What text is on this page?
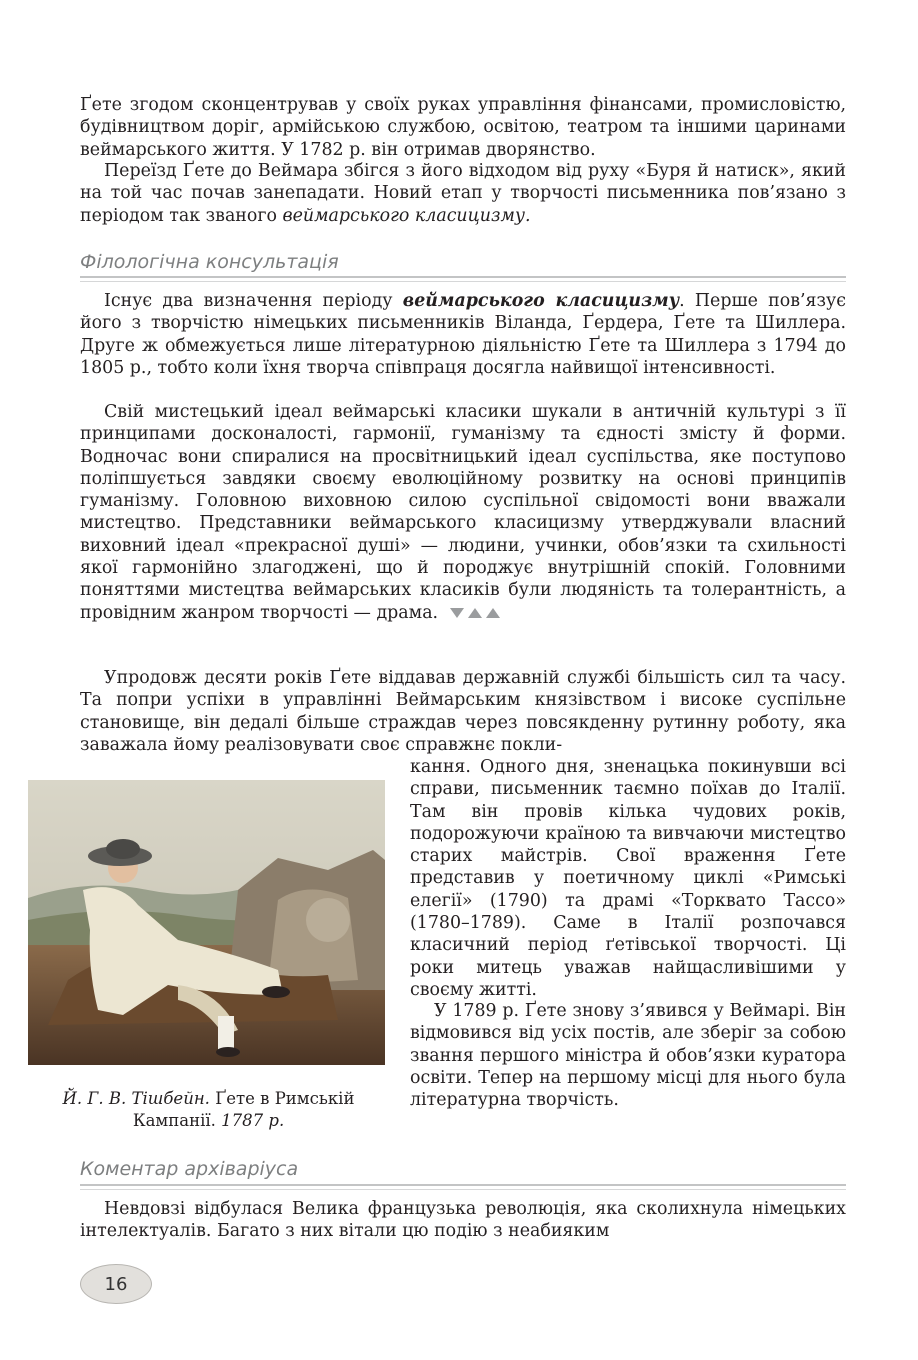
Ґете згодом сконцентрував у своїх руках управління фінансами, промисловістю, будівництвом доріг, армійською службою, освітою, театром та іншими царинами веймарського життя. У 1782 р. він отримав дворянство.

Переїзд Ґете до Веймара збігся з його відходом від руху «Буря й натиск», який на той час почав занепадати. Новий етап у творчості письменника пов’язано з періодом так званого веймарського класицизму.

Філологічна консультація

Існує два визначення періоду веймарського класицизму. Перше пов’язує його з творчістю німецьких письменників Віланда, Ґердера, Ґете та Шиллера. Друге ж обмежується лише літературною діяльністю Ґете та Шиллера з 1794 до 1805 р., тобто коли їхня творча співпраця досягла найвищої інтенсивності.

Свій мистецький ідеал веймарські класики шукали в античній культурі з її принципами досконалості, гармонії, гуманізму та єдності змісту й форми. Водночас вони спиралися на просвітницький ідеал суспільства, яке поступово поліпшується завдяки своєму еволюційному розвитку на основі принципів гуманізму. Головною виховною силою суспільної свідомості вони вважали мистецтво. Представники веймарського класицизму утверджували власний виховний ідеал «прекрасної душі» — людини, учинки, обов’язки та схильності якої гармонійно злагоджені, що й породжує внутрішній спокій. Головними поняттями мистецтва веймарських класиків були людяність та толерантність, а провідним жанром творчості — драма.

Упродовж десяти років Ґете віддавав державній службі більшість сил та часу. Та попри успіхи в управлінні Веймарським князівством і високе суспільне становище, він дедалі більше страждав через повсякденну рутинну роботу, яка заважала йому реалізовувати своє справжнє покли-

кання. Одного дня, зненацька покинувши всі справи, письменник таємно поїхав до Італії. Там він провів кілька чудових років, подорожуючи країною та вивчаючи мистецтво старих майстрів. Свої враження Ґете представив у поетичному циклі «Римські елегії» (1790) та драмі «Торквато Тассо» (1780–1789). Саме в Італії розпочався класичний період ґетівської творчості. Ці роки митець уважав найщасливішими у своєму житті.

У 1789 р. Ґете знову з’явився у Веймарі. Він відмовився від усіх постів, але зберіг за собою звання першого міністра й обов’язки куратора освіти. Тепер на першому місці для нього була літературна творчість.

Й. Г. В. Тішбейн. Ґете в Римській Кампанії. 1787 р.
Коментар архіваріуса

Невдовзі відбулася Велика французька революція, яка сколихнула німецьких інтелектуалів. Багато з них вітали цю подію з неабияким

16
